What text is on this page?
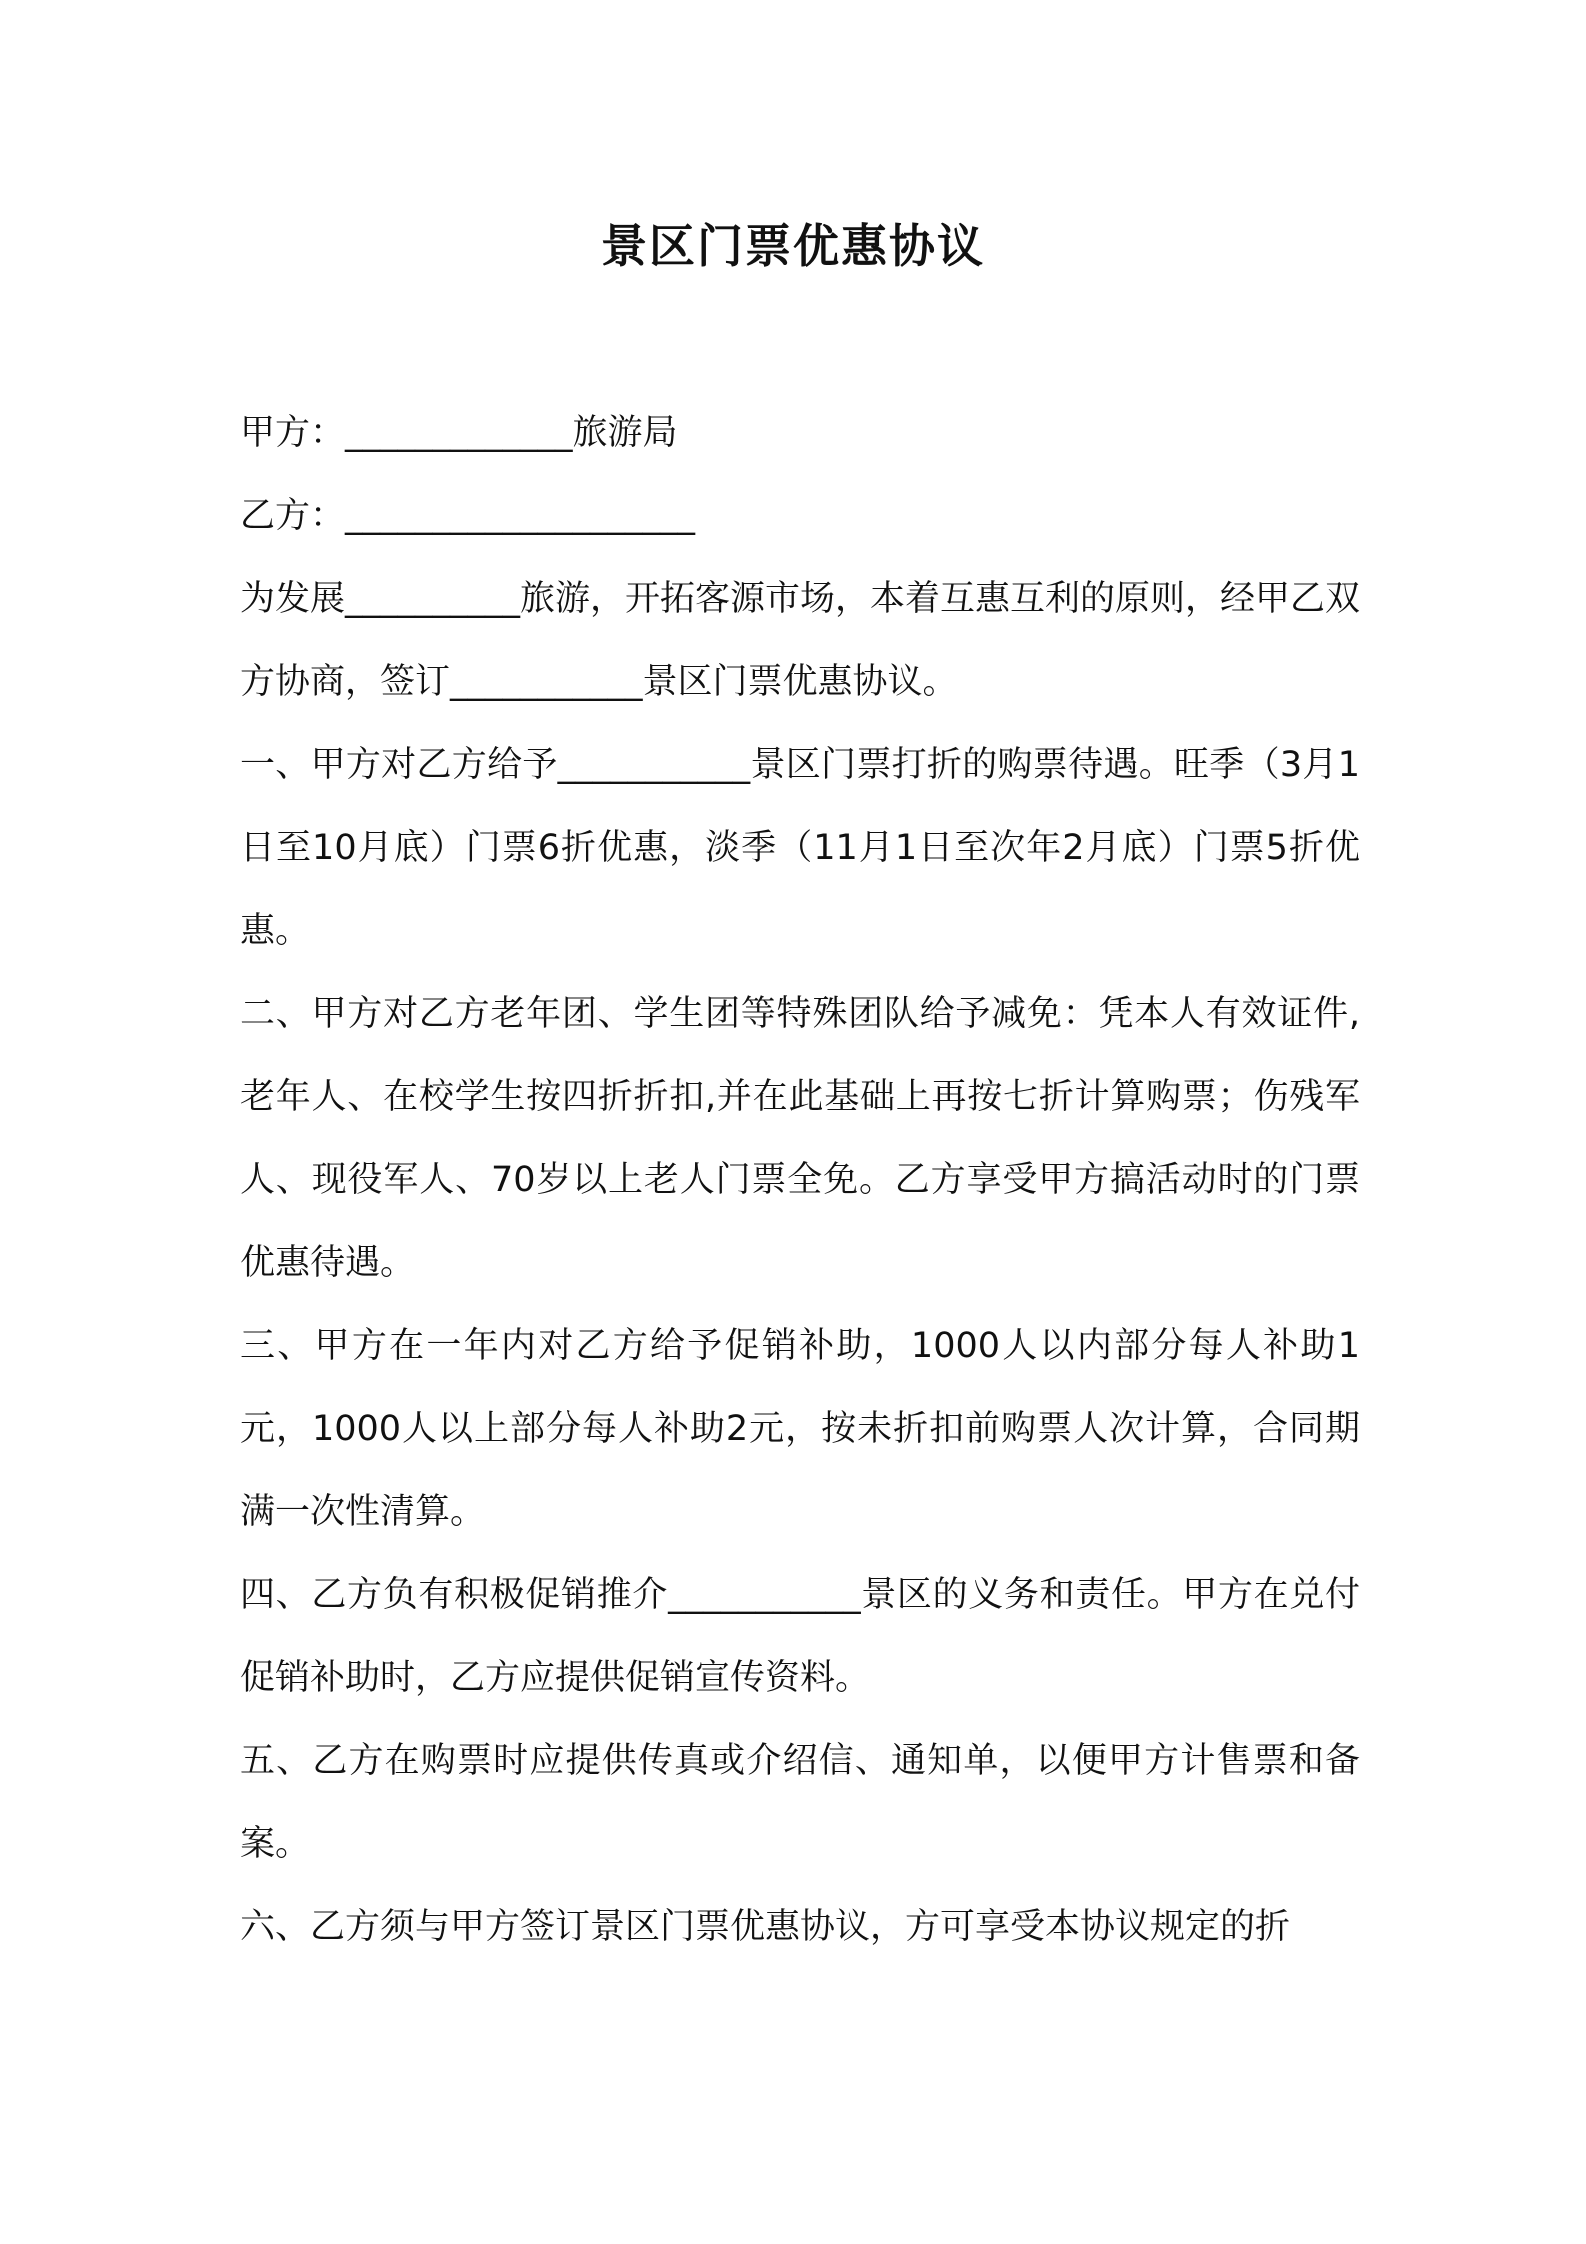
景区门票优惠协议

甲方：_____________旅游局

乙方：____________________

为发展__________旅游，开拓客源市场，本着互惠互利的原则，经甲乙双方协商，签订___________景区门票优惠协议。

一、甲方对乙方给予___________景区门票打折的购票待遇。旺季（3月1日至10月底）门票6折优惠，淡季（11月1日至次年2月底）门票5折优惠。

二、甲方对乙方老年团、学生团等特殊团队给予减免：凭本人有效证件,老年人、在校学生按四折折扣,并在此基础上再按七折计算购票；伤残军人、现役军人、70岁以上老人门票全免。乙方享受甲方搞活动时的门票优惠待遇。

三、甲方在一年内对乙方给予促销补助，1000人以内部分每人补助1元，1000人以上部分每人补助2元，按未折扣前购票人次计算，合同期满一次性清算。

四、乙方负有积极促销推介___________景区的义务和责任。甲方在兑付促销补助时，乙方应提供促销宣传资料。

五、乙方在购票时应提供传真或介绍信、通知单，以便甲方计售票和备案。

六、乙方须与甲方签订景区门票优惠协议，方可享受本协议规定的折
